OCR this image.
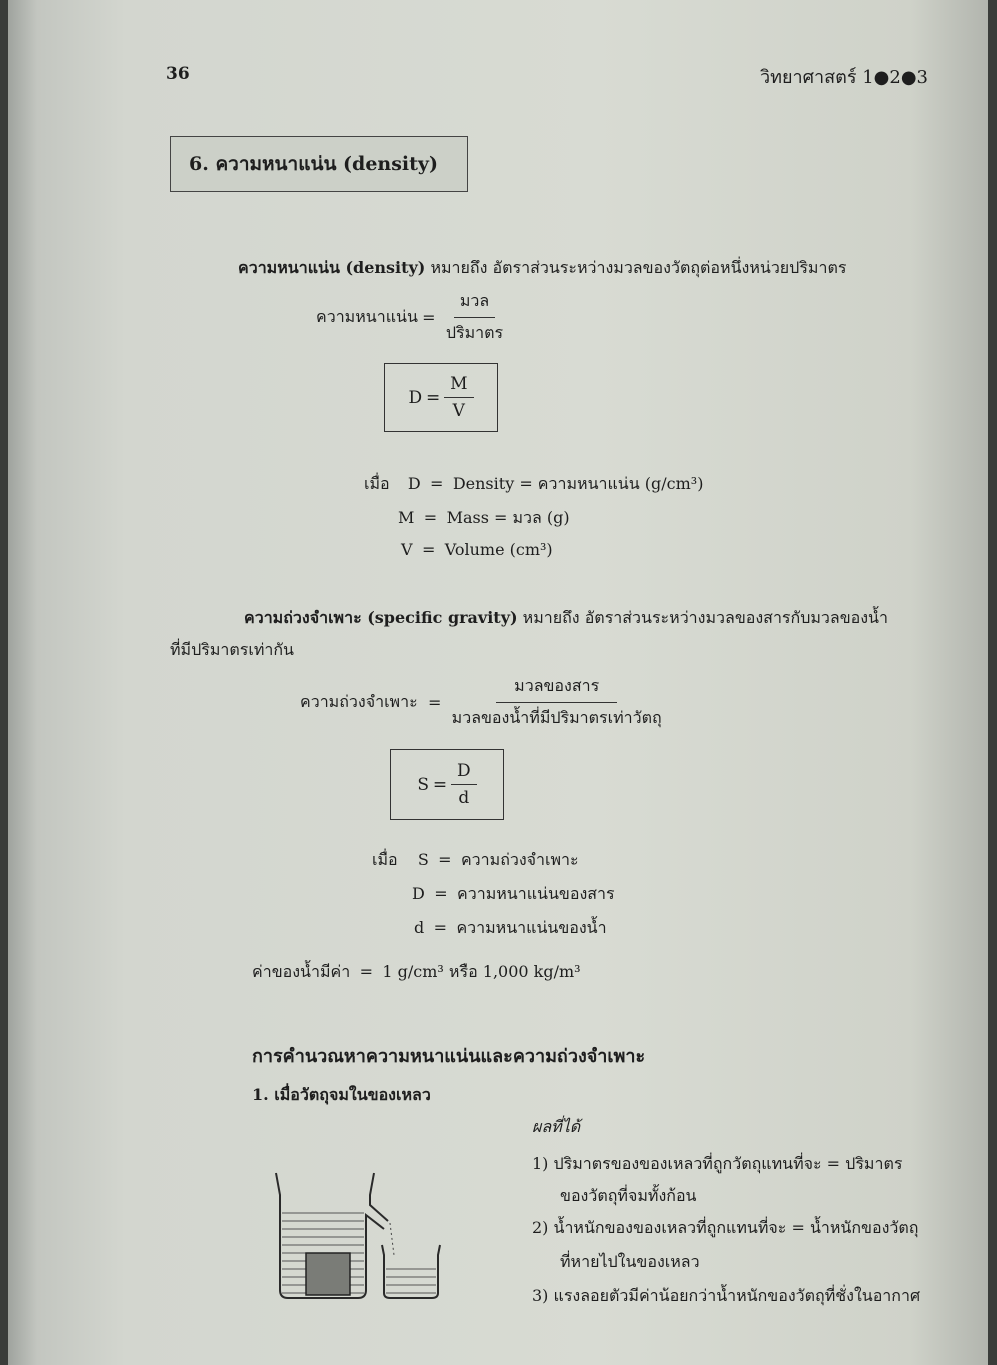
36	วิทยาศาสตร์ 1●2●3
6. ความหนาแน่น (density)
ความหนาแน่น (density) หมายถึง อัตราส่วนระหว่างมวลของวัตถุต่อหนึ่งหน่วยปริมาตร
ความหนาแน่น = $\frac{\text{มวล}}{\text{ปริมาตร}}$
$D = \frac{M}{V}$
เมื่อ D = Density = ความหนาแน่น (g/cm³)
M = Mass = มวล (g)
V = Volume (cm³)
ความถ่วงจำเพาะ (specific gravity) หมายถึง อัตราส่วนระหว่างมวลของสารกับมวลของน้ำ
ที่มีปริมาตรเท่ากัน
ความถ่วงจำเพาะ = $\frac{\text{มวลของสาร}}{\text{มวลของน้ำที่มีปริมาตรเท่าวัตถุ}}$
$S = \frac{D}{d}$
เมื่อ S = ความถ่วงจำเพาะ
D = ความหนาแน่นของสาร
d = ความหนาแน่นของน้ำ
ค่าของน้ำมีค่า = 1 g/cm³ หรือ 1,000 kg/m³
การคำนวณหาความหนาแน่นและความถ่วงจำเพาะ
1. เมื่อวัตถุจมในของเหลว
ผลที่ได้
1) ปริมาตรของของเหลวที่ถูกวัตถุแทนที่จะ = ปริมาตร
ของวัตถุที่จมทั้งก้อน
2) น้ำหนักของของเหลวที่ถูกแทนที่จะ = น้ำหนักของวัตถุ
ที่หายไปในของเหลว
3) แรงลอยตัวมีค่าน้อยกว่าน้ำหนักของวัตถุที่ชั่งในอากาศ
